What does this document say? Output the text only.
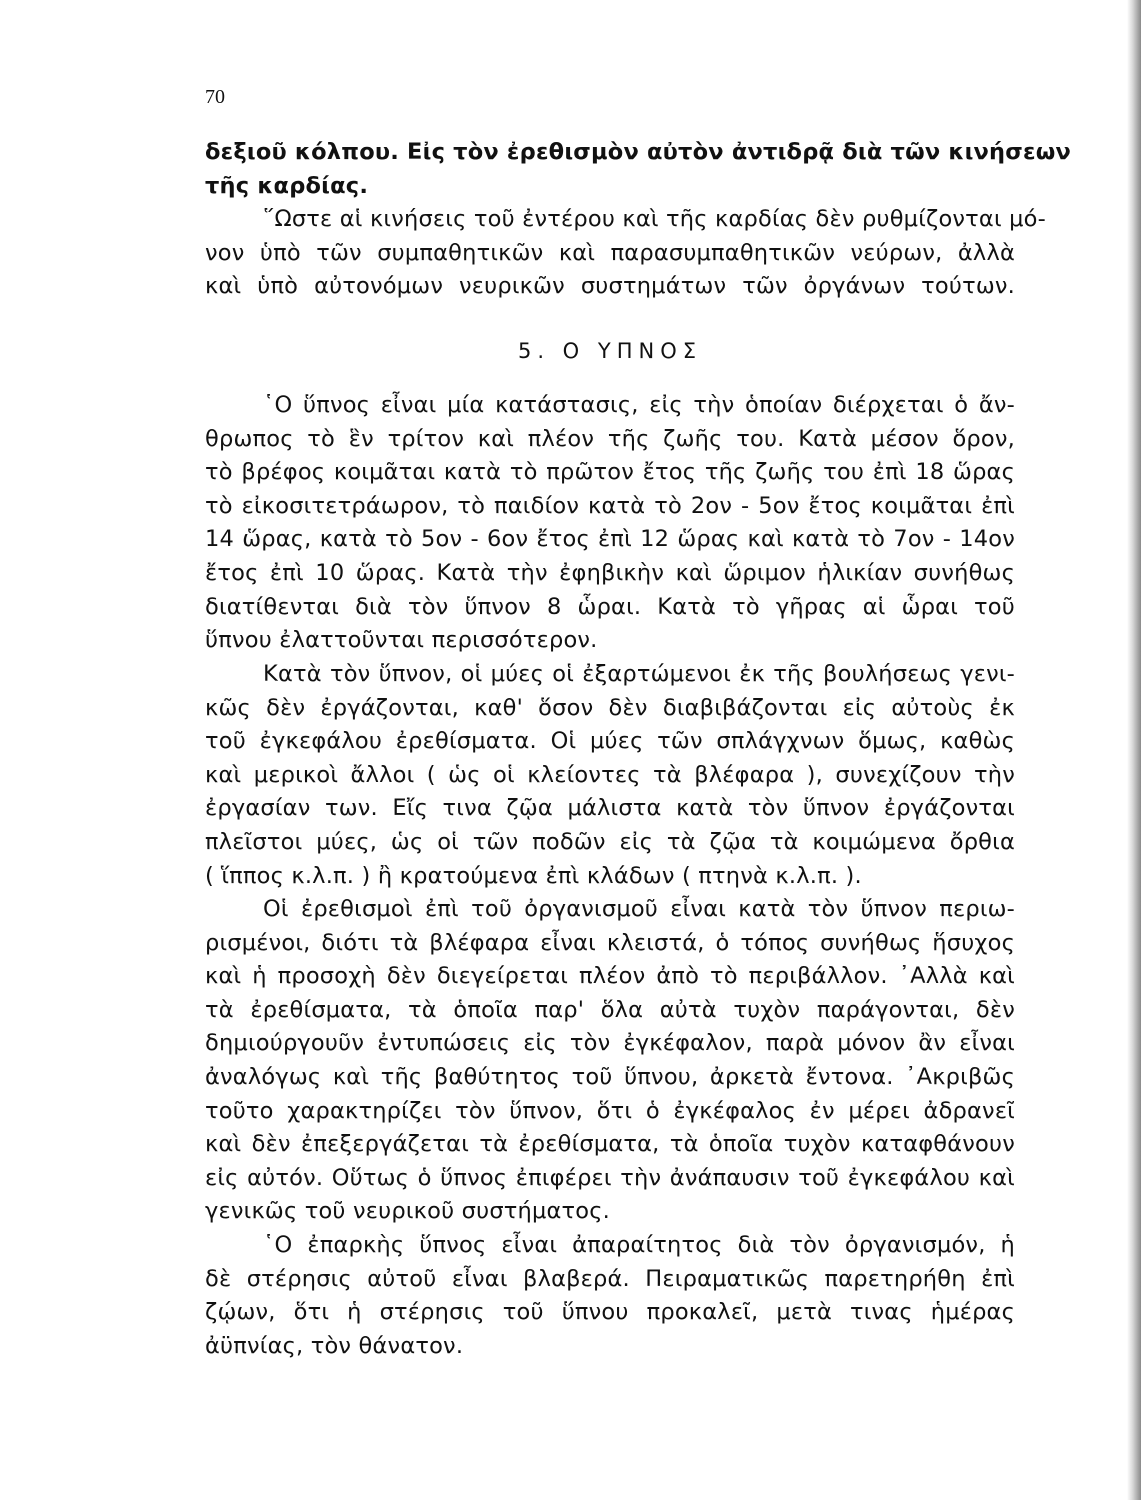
70
δεξιοῦ κόλπου. Εἰς τὸν ἐρεθισμὸν αὐτὸν ἀντιδρᾷ διὰ τῶν κινήσεων
τῆς καρδίας.
῞Ωστε αἱ κινήσεις τοῦ ἐντέρου καὶ τῆς καρδίας δὲν ρυθμίζονται μό-
νον ὑπὸ τῶν συμπαθητικῶν καὶ παρασυμπαθητικῶν νεύρων, ἀλλὰ
καὶ ὑπὸ αὐτονόμων νευρικῶν συστημάτων τῶν ὀργάνων τούτων.
5. Ο ΥΠΝΟΣ
῾Ο ὕπνος εἶναι μία κατάστασις, εἰς τὴν ὁποίαν διέρχεται ὁ ἄν-
θρωπος τὸ ἓν τρίτον καὶ πλέον τῆς ζωῆς του. Κατὰ μέσον ὅρον,
τὸ βρέφος κοιμᾶται κατὰ τὸ πρῶτον ἔτος τῆς ζωῆς του ἐπὶ 18 ὥρας
τὸ εἰκοσιτετράωρον, τὸ παιδίον κατὰ τὸ 2ον - 5ον ἔτος κοιμᾶται ἐπὶ
14 ὥρας, κατὰ τὸ 5ον - 6ον ἔτος ἐπὶ 12 ὥρας καὶ κατὰ τὸ 7ον - 14ον
ἔτος ἐπὶ 10 ὥρας. Κατὰ τὴν ἐφηβικὴν καὶ ὥριμον ἡλικίαν συνήθως
διατίθενται διὰ τὸν ὕπνον 8 ὧραι. Κατὰ τὸ γῆρας αἱ ὧραι τοῦ
ὕπνου ἐλαττοῦνται περισσότερον.
Κατὰ τὸν ὕπνον, οἱ μύες οἱ ἐξαρτώμενοι ἐκ τῆς βουλήσεως γενι-
κῶς δὲν ἐργάζονται, καθ' ὅσον δὲν διαβιβάζονται εἰς αὐτοὺς ἐκ
τοῦ ἐγκεφάλου ἐρεθίσματα. Οἱ μύες τῶν σπλάγχνων ὅμως, καθὼς
καὶ μερικοὶ ἄλλοι ( ὡς οἱ κλείοντες τὰ βλέφαρα ), συνεχίζουν τὴν
ἐργασίαν των. Εἴς τινα ζῷα μάλιστα κατὰ τὸν ὕπνον ἐργάζονται
πλεῖστοι μύες, ὡς οἱ τῶν ποδῶν εἰς τὰ ζῷα τὰ κοιμώμενα ὄρθια
( ἵππος κ.λ.π. ) ἢ κρατούμενα ἐπὶ κλάδων ( πτηνὰ κ.λ.π. ).
Οἱ ἐρεθισμοὶ ἐπὶ τοῦ ὀργανισμοῦ εἶναι κατὰ τὸν ὕπνον περιω-
ρισμένοι, διότι τὰ βλέφαρα εἶναι κλειστά, ὁ τόπος συνήθως ἥσυχος
καὶ ἡ προσοχὴ δὲν διεγείρεται πλέον ἀπὸ τὸ περιβάλλον. ᾿Αλλὰ καὶ
τὰ ἐρεθίσματα, τὰ ὁποῖα παρ' ὅλα αὐτὰ τυχὸν παράγονται, δὲν
δημιούργουῦν ἐντυπώσεις εἰς τὸν ἐγκέφαλον, παρὰ μόνον ἂν εἶναι
ἀναλόγως καὶ τῆς βαθύτητος τοῦ ὕπνου, ἀρκετὰ ἔντονα. ᾿Ακριβῶς
τοῦτο χαρακτηρίζει τὸν ὕπνον, ὅτι ὁ ἐγκέφαλος ἐν μέρει ἀδρανεῖ
καὶ δὲν ἐπεξεργάζεται τὰ ἐρεθίσματα, τὰ ὁποῖα τυχὸν καταφθάνουν
εἰς αὐτόν. Οὕτως ὁ ὕπνος ἐπιφέρει τὴν ἀνάπαυσιν τοῦ ἐγκεφάλου καὶ
γενικῶς τοῦ νευρικοῦ συστήματος.
῾Ο ἐπαρκὴς ὕπνος εἶναι ἀπαραίτητος διὰ τὸν ὀργανισμόν, ἡ
δὲ στέρησις αὐτοῦ εἶναι βλαβερά. Πειραματικῶς παρετηρήθη ἐπὶ
ζῴων, ὅτι ἡ στέρησις τοῦ ὕπνου προκαλεῖ, μετὰ τινας ἡμέρας
ἀϋπνίας, τὸν θάνατον.
